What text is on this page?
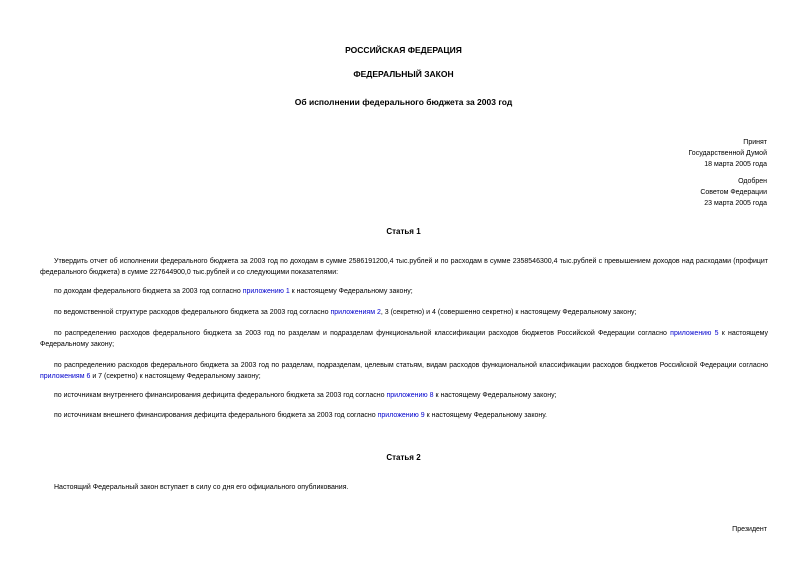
РОССИЙСКАЯ ФЕДЕРАЦИЯ
ФЕДЕРАЛЬНЫЙ ЗАКОН
Об исполнении федерального бюджета за 2003 год
Принят
Государственной Думой
18 марта 2005 года
Одобрен
Советом Федерации
23 марта 2005 года
Статья 1
Утвердить отчет об исполнении федерального бюджета за 2003 год по доходам в сумме 2586191200,4 тыс.рублей и по расходам в сумме 2358546300,4 тыс.рублей с превышением доходов над расходами (профицит федерального бюджета) в сумме 227644900,0 тыс.рублей и со следующими показателями:
по доходам федерального бюджета за 2003 год согласно приложению 1 к настоящему Федеральному закону;
по ведомственной структуре расходов федерального бюджета за 2003 год согласно приложениям 2, 3 (секретно) и 4 (совершенно секретно) к настоящему Федеральному закону;
по распределению расходов федерального бюджета за 2003 год по разделам и подразделам функциональной классификации расходов бюджетов Российской Федерации согласно приложению 5 к настоящему Федеральному закону;
по распределению расходов федерального бюджета за 2003 год по разделам, подразделам, целевым статьям, видам расходов функциональной классификации расходов бюджетов Российской Федерации согласно приложениям 6 и 7 (секретно) к настоящему Федеральному закону;
по источникам внутреннего финансирования дефицита федерального бюджета за 2003 год согласно приложению 8 к настоящему Федеральному закону;
по источникам внешнего финансирования дефицита федерального бюджета за 2003 год согласно приложению 9 к настоящему Федеральному закону.
Статья 2
Настоящий Федеральный закон вступает в силу со дня его официального опубликования.
Президент
